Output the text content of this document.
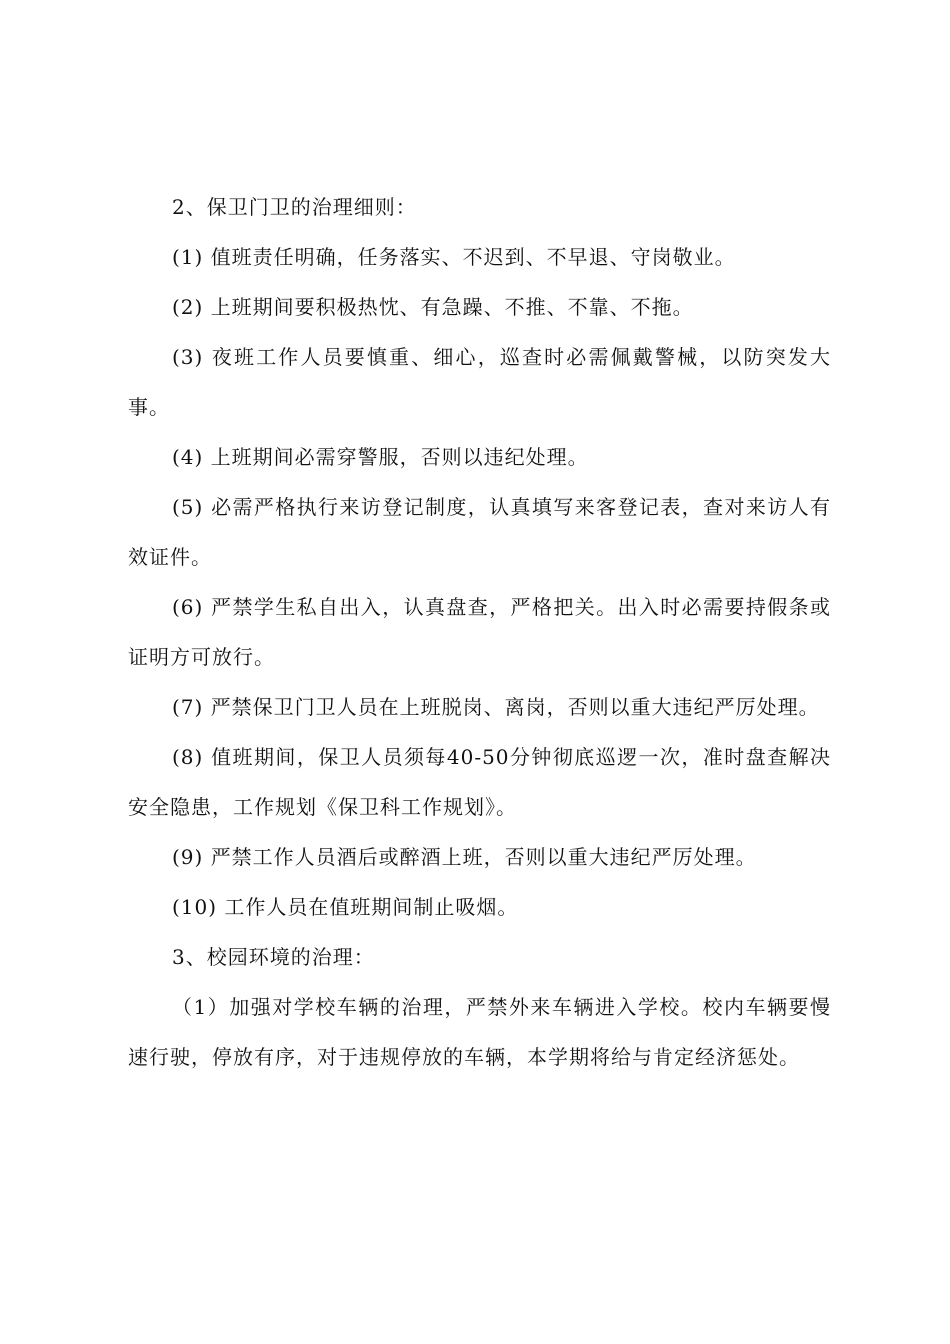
2、保卫门卫的治理细则：

(1) 值班责任明确，任务落实、不迟到、不早退、守岗敬业。

(2) 上班期间要积极热忱、有急躁、不推、不靠、不拖。

(3) 夜班工作人员要慎重、细心，巡查时必需佩戴警械，以防突发大事。

(4) 上班期间必需穿警服，否则以违纪处理。

(5) 必需严格执行来访登记制度，认真填写来客登记表，查对来访人有效证件。

(6) 严禁学生私自出入，认真盘查，严格把关。出入时必需要持假条或证明方可放行。

(7) 严禁保卫门卫人员在上班脱岗、离岗，否则以重大违纪严厉处理。

(8) 值班期间，保卫人员须每40-50分钟彻底巡逻一次，准时盘查解决安全隐患，工作规划《保卫科工作规划》。

(9) 严禁工作人员酒后或醉酒上班，否则以重大违纪严厉处理。

(10) 工作人员在值班期间制止吸烟。

3、校园环境的治理：

（1）加强对学校车辆的治理，严禁外来车辆进入学校。校内车辆要慢速行驶，停放有序，对于违规停放的车辆，本学期将给与肯定经济惩处。
